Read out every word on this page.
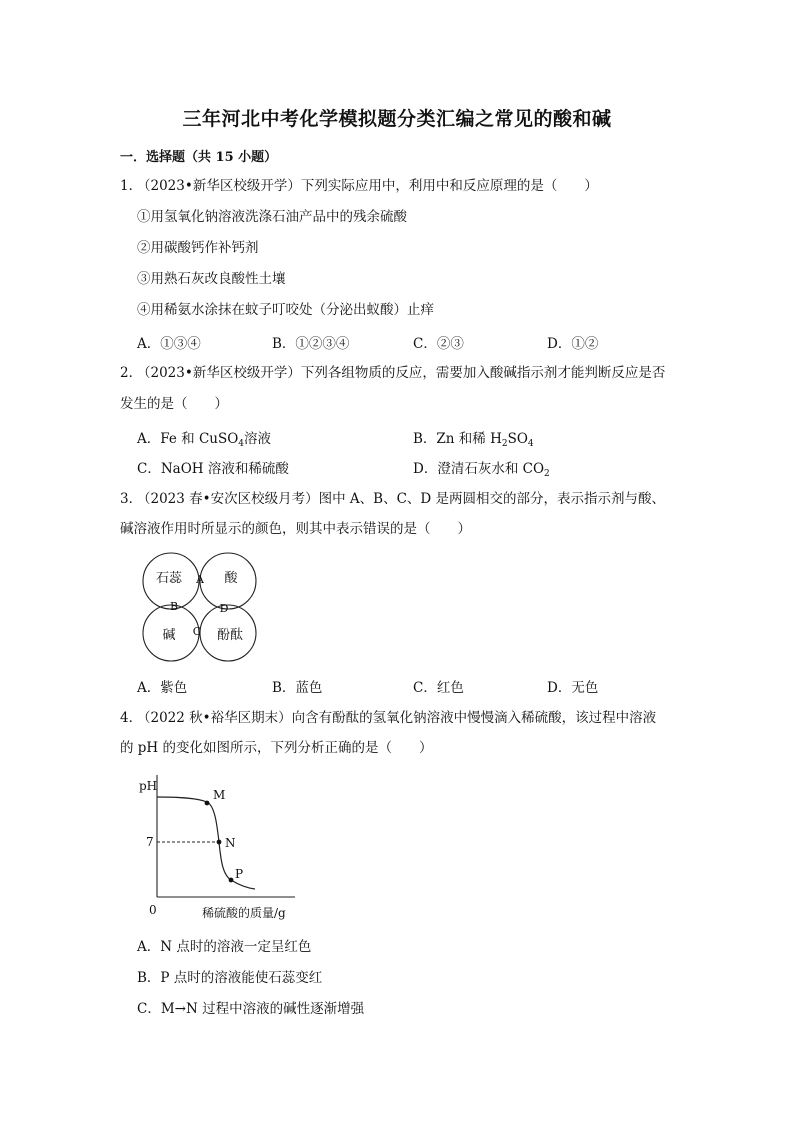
三年河北中考化学模拟题分类汇编之常见的酸和碱
一．选择题（共 15 小题）
1．
（2023•新华区校级开学）下列实际应用中，利用中和反应原理的是（　　）
①用氢氧化钠溶液洗涤石油产品中的残余硫酸
②用碳酸钙作补钙剂
③用熟石灰改良酸性土壤
④用稀氨水涂抹在蚊子叮咬处（分泌出蚁酸）止痒
A．①③④	B．①②③④	C．②③	D．①②
2．
（2023•新华区校级开学）下列各组物质的反应，需要加入酸碱指示剂才能判断反应是否
发生的是（　　）
A．Fe 和 CuSO$_4$溶液	B．Zn 和稀 $H_2SO_4$
C．NaOH 溶液和稀硫酸	D．澄清石灰水和 $CO_2$
3．
（2023 春•安次区校级月考）图中 A、B、C、D 是两圆相交的部分，表示指示剂与酸、
碱溶液作用时所显示的颜色，则其中表示错误的是（　　）
石蕊	酸
碱	酚酞
A
B
C
D
A．紫色	B．蓝色	C．红色	D．无色
4．
（2022 秋•裕华区期末）向含有酚酞的氢氧化钠溶液中慢慢滴入稀硫酸，该过程中溶液
的 pH 的变化如图所示，下列分析正确的是（　　）
pH
7
0
M
N
P
稀硫酸的质量/g
A．N 点时的溶液一定呈红色
B．P 点时的溶液能使石蕊变红
C．M→N 过程中溶液的碱性逐渐增强
